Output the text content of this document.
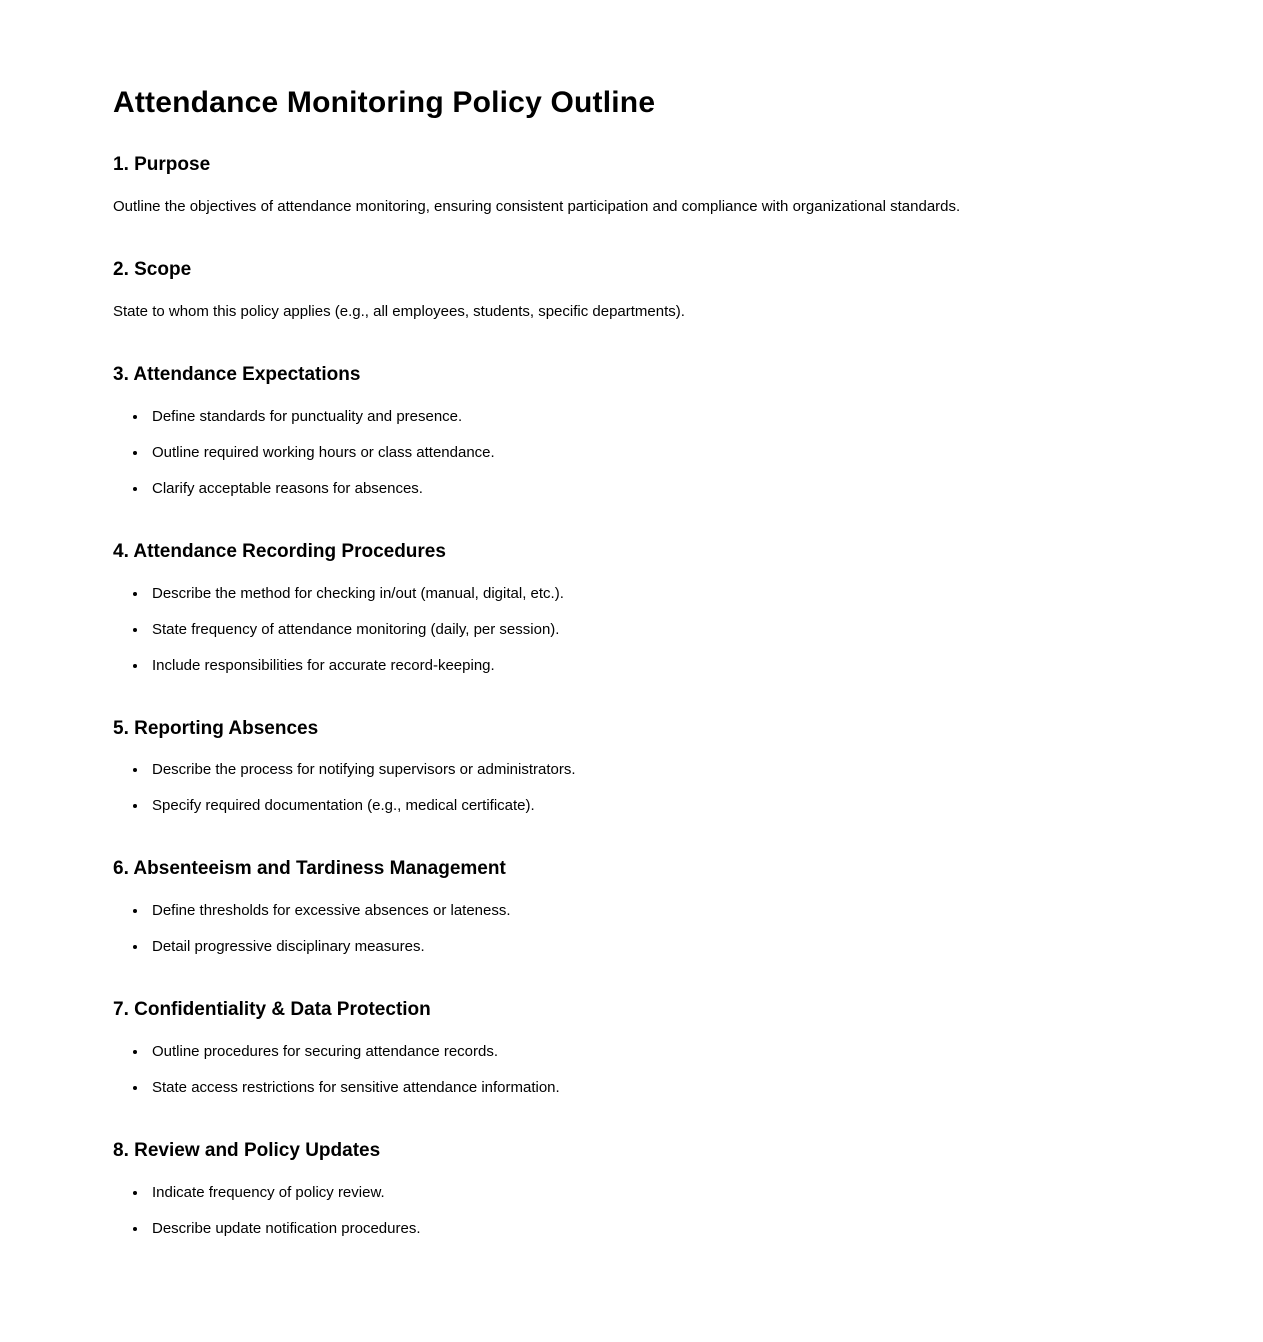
Attendance Monitoring Policy Outline
1. Purpose

Outline the objectives of attendance monitoring, ensuring consistent participation and compliance with organizational standards.

2. Scope

State to whom this policy applies (e.g., all employees, students, specific departments).

3. Attendance Expectations
• Define standards for punctuality and presence.
• Outline required working hours or class attendance.
• Clarify acceptable reasons for absences.
4. Attendance Recording Procedures
• Describe the method for checking in/out (manual, digital, etc.).
• State frequency of attendance monitoring (daily, per session).
• Include responsibilities for accurate record-keeping.
5. Reporting Absences
• Describe the process for notifying supervisors or administrators.
• Specify required documentation (e.g., medical certificate).
6. Absenteeism and Tardiness Management
• Define thresholds for excessive absences or lateness.
• Detail progressive disciplinary measures.
7. Confidentiality & Data Protection
• Outline procedures for securing attendance records.
• State access restrictions for sensitive attendance information.
8. Review and Policy Updates
• Indicate frequency of policy review.
• Describe update notification procedures.
